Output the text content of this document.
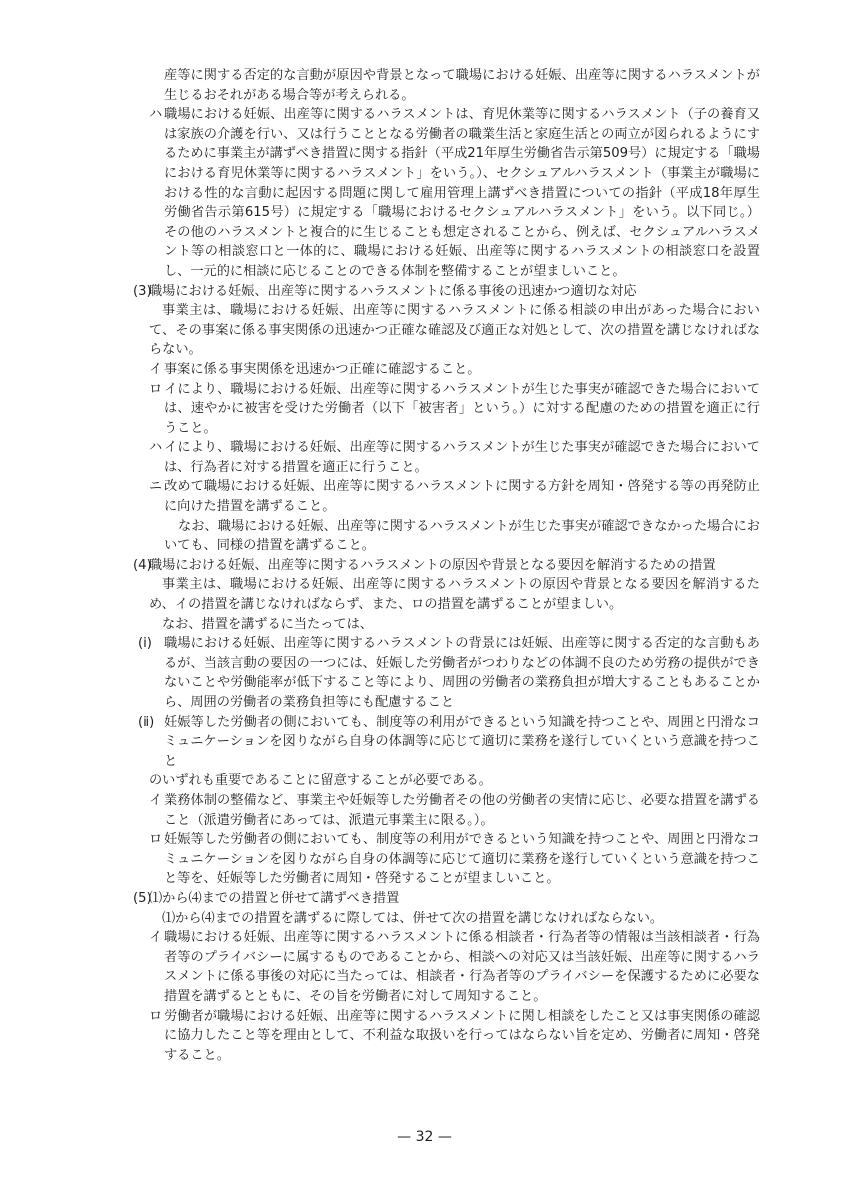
産等に関する否定的な言動が原因や背景となって職場における妊娠、出産等に関するハラスメントが生じるおそれがある場合等が考えられる。

ハ 職場における妊娠、出産等に関するハラスメントは、育児休業等に関するハラスメント（子の養育又は家族の介護を行い、又は行うこととなる労働者の職業生活と家庭生活との両立が図られるようにするために事業主が講ずべき措置に関する指針（平成21年厚生労働省告示第509号）に規定する「職場における育児休業等に関するハラスメント」をいう。）、セクシュアルハラスメント（事業主が職場における性的な言動に起因する問題に関して雇用管理上講ずべき措置についての指針（平成18年厚生労働省告示第615号）に規定する「職場におけるセクシュアルハラスメント」をいう。以下同じ。）その他のハラスメントと複合的に生じることも想定されることから、例えば、セクシュアルハラスメント等の相談窓口と一体的に、職場における妊娠、出産等に関するハラスメントの相談窓口を設置し、一元的に相談に応じることのできる体制を整備することが望ましいこと。

(3)職場における妊娠、出産等に関するハラスメントに係る事後の迅速かつ適切な対応

事業主は、職場における妊娠、出産等に関するハラスメントに係る相談の申出があった場合において、その事案に係る事実関係の迅速かつ正確な確認及び適正な対処として、次の措置を講じなければならない。

イ 事案に係る事実関係を迅速かつ正確に確認すること。

ロ イにより、職場における妊娠、出産等に関するハラスメントが生じた事実が確認できた場合においては、速やかに被害を受けた労働者（以下「被害者」という。）に対する配慮のための措置を適正に行うこと。

ハ イにより、職場における妊娠、出産等に関するハラスメントが生じた事実が確認できた場合においては、行為者に対する措置を適正に行うこと。

ニ 改めて職場における妊娠、出産等に関するハラスメントに関する方針を周知・啓発する等の再発防止に向けた措置を講ずること。

なお、職場における妊娠、出産等に関するハラスメントが生じた事実が確認できなかった場合においても、同様の措置を講ずること。

(4)職場における妊娠、出産等に関するハラスメントの原因や背景となる要因を解消するための措置

事業主は、職場における妊娠、出産等に関するハラスメントの原因や背景となる要因を解消するため、イの措置を講じなければならず、また、ロの措置を講ずることが望ましい。

なお、措置を講ずるに当たっては、

(ⅰ) 職場における妊娠、出産等に関するハラスメントの背景には妊娠、出産等に関する否定的な言動もあるが、当該言動の要因の一つには、妊娠した労働者がつわりなどの体調不良のため労務の提供ができないことや労働能率が低下すること等により、周囲の労働者の業務負担が増大することもあることから、周囲の労働者の業務負担等にも配慮すること

(ⅱ) 妊娠等した労働者の側においても、制度等の利用ができるという知識を持つことや、周囲と円滑なコミュニケーションを図りながら自身の体調等に応じて適切に業務を遂行していくという意識を持つこと

のいずれも重要であることに留意することが必要である。

イ 業務体制の整備など、事業主や妊娠等した労働者その他の労働者の実情に応じ、必要な措置を講ずること（派遣労働者にあっては、派遣元事業主に限る。）。

ロ 妊娠等した労働者の側においても、制度等の利用ができるという知識を持つことや、周囲と円滑なコミュニケーションを図りながら自身の体調等に応じて適切に業務を遂行していくという意識を持つこと等を、妊娠等した労働者に周知・啓発することが望ましいこと。

(5)⑴から⑷までの措置と併せて講ずべき措置

⑴から⑷までの措置を講ずるに際しては、併せて次の措置を講じなければならない。

イ 職場における妊娠、出産等に関するハラスメントに係る相談者・行為者等の情報は当該相談者・行為者等のプライバシーに属するものであることから、相談への対応又は当該妊娠、出産等に関するハラスメントに係る事後の対応に当たっては、相談者・行為者等のプライバシーを保護するために必要な措置を講ずるとともに、その旨を労働者に対して周知すること。

ロ 労働者が職場における妊娠、出産等に関するハラスメントに関し相談をしたこと又は事実関係の確認に協力したこと等を理由として、不利益な取扱いを行ってはならない旨を定め、労働者に周知・啓発すること。

— 32 —
